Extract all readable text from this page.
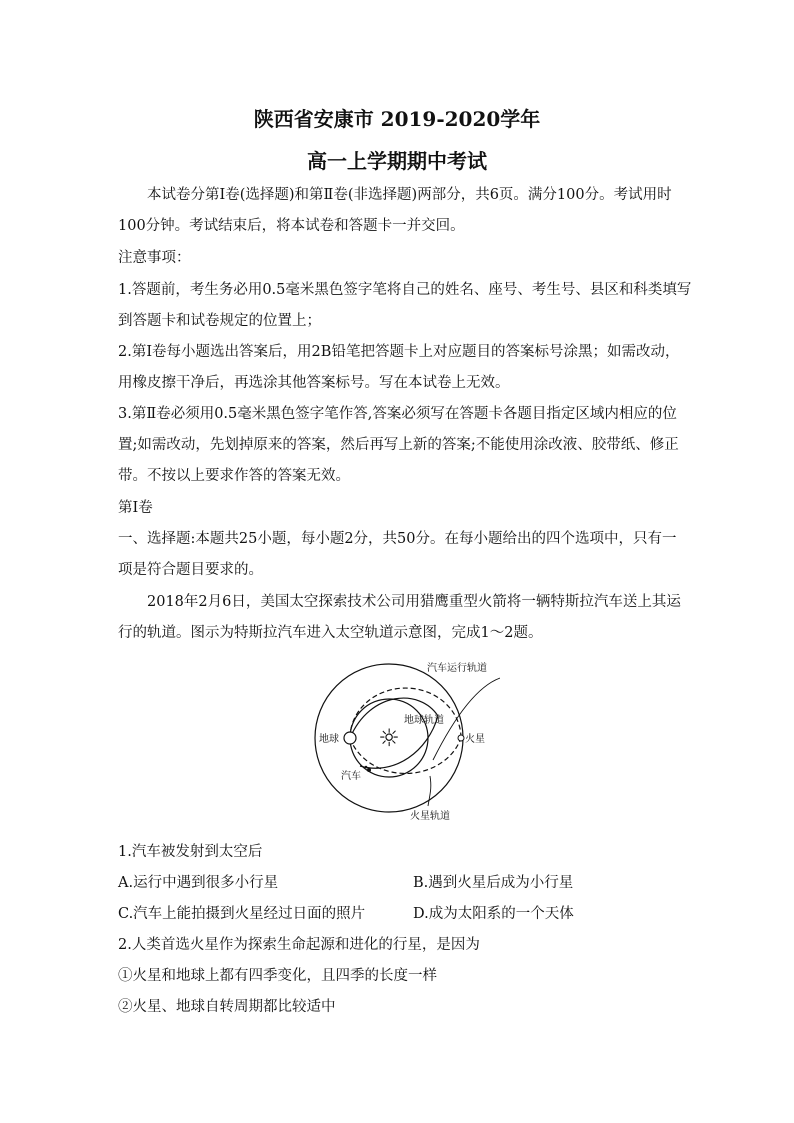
陕西省安康市 2019-2020学年
高一上学期期中考试
本试卷分第Ⅰ卷(选择题)和第Ⅱ卷(非选择题)两部分，共6页。满分100分。考试用时
100分钟。考试结束后，将本试卷和答题卡一并交回。
注意事项：
1.答题前，考生务必用0.5毫米黑色签字笔将自己的姓名、座号、考生号、县区和科类填写
到答题卡和试卷规定的位置上；
2.第Ⅰ卷每小题选出答案后，用2B铅笔把答题卡上对应题目的答案标号涂黑；如需改动，
用橡皮擦干净后，再选涂其他答案标号。写在本试卷上无效。
3.第Ⅱ卷必须用0.5毫米黑色签字笔作答,答案必须写在答题卡各题目指定区域内相应的位
置;如需改动，先划掉原来的答案，然后再写上新的答案;不能使用涂改液、胶带纸、修正
带。不按以上要求作答的答案无效。
第Ⅰ卷
一、选择题:本题共25小题，每小题2分，共50分。在每小题给出的四个选项中，只有一
项是符合题目要求的。
2018年2月6日，美国太空探索技术公司用猎鹰重型火箭将一辆特斯拉汽车送上其运
行的轨道。图示为特斯拉汽车进入太空轨道示意图，完成1～2题。
☼
汽车运行轨道
地球轨道
地球	火星
汽车
火星轨道
1.汽车被发射到太空后
A.运行中遇到很多小行星	B.遇到火星后成为小行星
C.汽车上能拍摄到火星经过日面的照片	D.成为太阳系的一个天体
2.人类首选火星作为探索生命起源和进化的行星，是因为
①火星和地球上都有四季变化，且四季的长度一样
②火星、地球自转周期都比较适中
